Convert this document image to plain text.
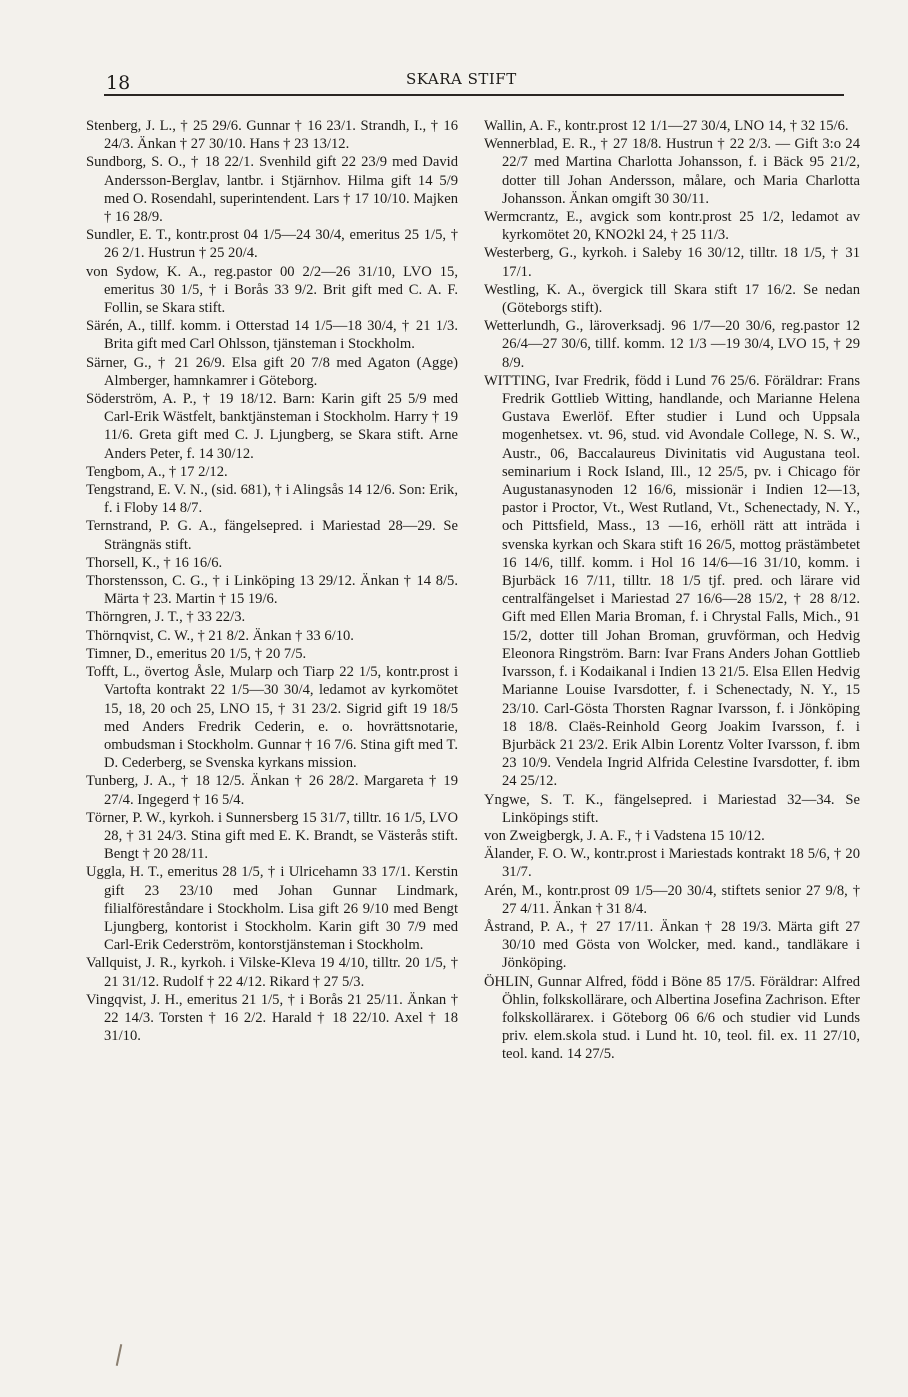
18	SKARA STIFT

Stenberg, J. L., † 25 29/6. Gunnar † 16 23/1. Strandh, I., † 16 24/3. Änkan † 27 30/10. Hans † 23 13/12.

Sundborg, S. O., † 18 22/1. Svenhild gift 22 23/9 med David Andersson-Berglav, lantbr. i Stjärnhov. Hilma gift 14 5/9 med O. Rosendahl, superintendent. Lars † 17 10/10. Majken † 16 28/9.

Sundler, E. T., kontr.prost 04 1/5—24 30/4, emeritus 25 1/5, † 26 2/1. Hustrun † 25 20/4.

von Sydow, K. A., reg.pastor 00 2/2—26 31/10, LVO 15, emeritus 30 1/5, † i Borås 33 9/2. Brit gift med C. A. F. Follin, se Skara stift.

Särén, A., tillf. komm. i Otterstad 14 1/5—18 30/4, † 21 1/3. Brita gift med Carl Ohlsson, tjänsteman i Stockholm.

Särner, G., † 21 26/9. Elsa gift 20 7/8 med Agaton (Agge) Almberger, hamnkamrer i Göteborg.

Söderström, A. P., † 19 18/12. Barn: Karin gift 25 5/9 med Carl-Erik Wästfelt, banktjänsteman i Stockholm. Harry † 19 11/6. Greta gift med C. J. Ljungberg, se Skara stift. Arne Anders Peter, f. 14 30/12.

Tengbom, A., † 17 2/12.

Tengstrand, E. V. N., (sid. 681), † i Alingsås 14 12/6. Son: Erik, f. i Floby 14 8/7.

Ternstrand, P. G. A., fängelsepred. i Mariestad 28—29. Se Strängnäs stift.

Thorsell, K., † 16 16/6.

Thorstensson, C. G., † i Linköping 13 29/12. Änkan † 14 8/5. Märta † 23. Martin † 15 19/6.

Thörngren, J. T., † 33 22/3.

Thörnqvist, C. W., † 21 8/2. Änkan † 33 6/10.

Timner, D., emeritus 20 1/5, † 20 7/5.

Tofft, L., övertog Åsle, Mularp och Tiarp 22 1/5, kontr.prost i Vartofta kontrakt 22 1/5—30 30/4, ledamot av kyrkomötet 15, 18, 20 och 25, LNO 15, † 31 23/2. Sigrid gift 19 18/5 med Anders Fredrik Cederin, e. o. hovrättsnotarie, ombudsman i Stockholm. Gunnar † 16 7/6. Stina gift med T. D. Cederberg, se Svenska kyrkans mission.

Tunberg, J. A., † 18 12/5. Änkan † 26 28/2. Margareta † 19 27/4. Ingegerd † 16 5/4.

Törner, P. W., kyrkoh. i Sunnersberg 15 31/7, tilltr. 16 1/5, LVO 28, † 31 24/3. Stina gift med E. K. Brandt, se Västerås stift. Bengt † 20 28/11.

Uggla, H. T., emeritus 28 1/5, † i Ulricehamn 33 17/1. Kerstin gift 23 23/10 med Johan Gunnar Lindmark, filialföreståndare i Stockholm. Lisa gift 26 9/10 med Bengt Ljungberg, kontorist i Stockholm. Karin gift 30 7/9 med Carl-Erik Cederström, kontorstjänsteman i Stockholm.

Vallquist, J. R., kyrkoh. i Vilske-Kleva 19 4/10, tilltr. 20 1/5, † 21 31/12. Rudolf † 22 4/12. Rikard † 27 5/3.

Vingqvist, J. H., emeritus 21 1/5, † i Borås 21 25/11. Änkan † 22 14/3. Torsten † 16 2/2. Harald † 18 22/10. Axel † 18 31/10.

Wallin, A. F., kontr.prost 12 1/1—27 30/4, LNO 14, † 32 15/6.

Wennerblad, E. R., † 27 18/8. Hustrun † 22 2/3. — Gift 3:o 24 22/7 med Martina Charlotta Johansson, f. i Bäck 95 21/2, dotter till Johan Andersson, målare, och Maria Charlotta Johansson. Änkan omgift 30 30/11.

Wermcrantz, E., avgick som kontr.prost 25 1/2, ledamot av kyrkomötet 20, KNO2kl 24, † 25 11/3.

Westerberg, G., kyrkoh. i Saleby 16 30/12, tilltr. 18 1/5, † 31 17/1.

Westling, K. A., övergick till Skara stift 17 16/2. Se nedan (Göteborgs stift).

Wetterlundh, G., läroverksadj. 96 1/7—20 30/6, reg.pastor 12 26/4—27 30/6, tillf. komm. 12 1/3 —19 30/4, LVO 15, † 29 8/9.

WITTING, Ivar Fredrik, född i Lund 76 25/6. Föräldrar: Frans Fredrik Gottlieb Witting, handlande, och Marianne Helena Gustava Ewerlöf. Efter studier i Lund och Uppsala mogenhetsex. vt. 96, stud. vid Avondale College, N. S. W., Austr., 06, Baccalaureus Divinitatis vid Augustana teol. seminarium i Rock Island, Ill., 12 25/5, pv. i Chicago för Augustanasynoden 12 16/6, missionär i Indien 12—13, pastor i Proctor, Vt., West Rutland, Vt., Schenectady, N. Y., och Pittsfield, Mass., 13 —16, erhöll rätt att inträda i svenska kyrkan och Skara stift 16 26/5, mottog prästämbetet 16 14/6, tillf. komm. i Hol 16 14/6—16 31/10, komm. i Bjurbäck 16 7/11, tilltr. 18 1/5 tjf. pred. och lärare vid centralfängelset i Mariestad 27 16/6—28 15/2, † 28 8/12. Gift med Ellen Maria Broman, f. i Chrystal Falls, Mich., 91 15/2, dotter till Johan Broman, gruvförman, och Hedvig Eleonora Ringström. Barn: Ivar Frans Anders Johan Gottlieb Ivarsson, f. i Kodaikanal i Indien 13 21/5. Elsa Ellen Hedvig Marianne Louise Ivarsdotter, f. i Schenectady, N. Y., 15 23/10. Carl-Gösta Thorsten Ragnar Ivarsson, f. i Jönköping 18 18/8. Claës-Reinhold Georg Joakim Ivarsson, f. i Bjurbäck 21 23/2. Erik Albin Lorentz Volter Ivarsson, f. ibm 23 10/9. Vendela Ingrid Alfrida Celestine Ivarsdotter, f. ibm 24 25/12.

Yngwe, S. T. K., fängelsepred. i Mariestad 32—34. Se Linköpings stift.

von Zweigbergk, J. A. F., † i Vadstena 15 10/12.

Älander, F. O. W., kontr.prost i Mariestads kontrakt 18 5/6, † 20 31/7.

Arén, M., kontr.prost 09 1/5—20 30/4, stiftets senior 27 9/8, † 27 4/11. Änkan † 31 8/4.

Åstrand, P. A., † 27 17/11. Änkan † 28 19/3. Märta gift 27 30/10 med Gösta von Wolcker, med. kand., tandläkare i Jönköping.

ÖHLIN, Gunnar Alfred, född i Böne 85 17/5. Föräldrar: Alfred Öhlin, folkskollärare, och Albertina Josefina Zachrison. Efter folkskollärarex. i Göteborg 06 6/6 och studier vid Lunds priv. elem.skola stud. i Lund ht. 10, teol. fil. ex. 11 27/10, teol. kand. 14 27/5.
